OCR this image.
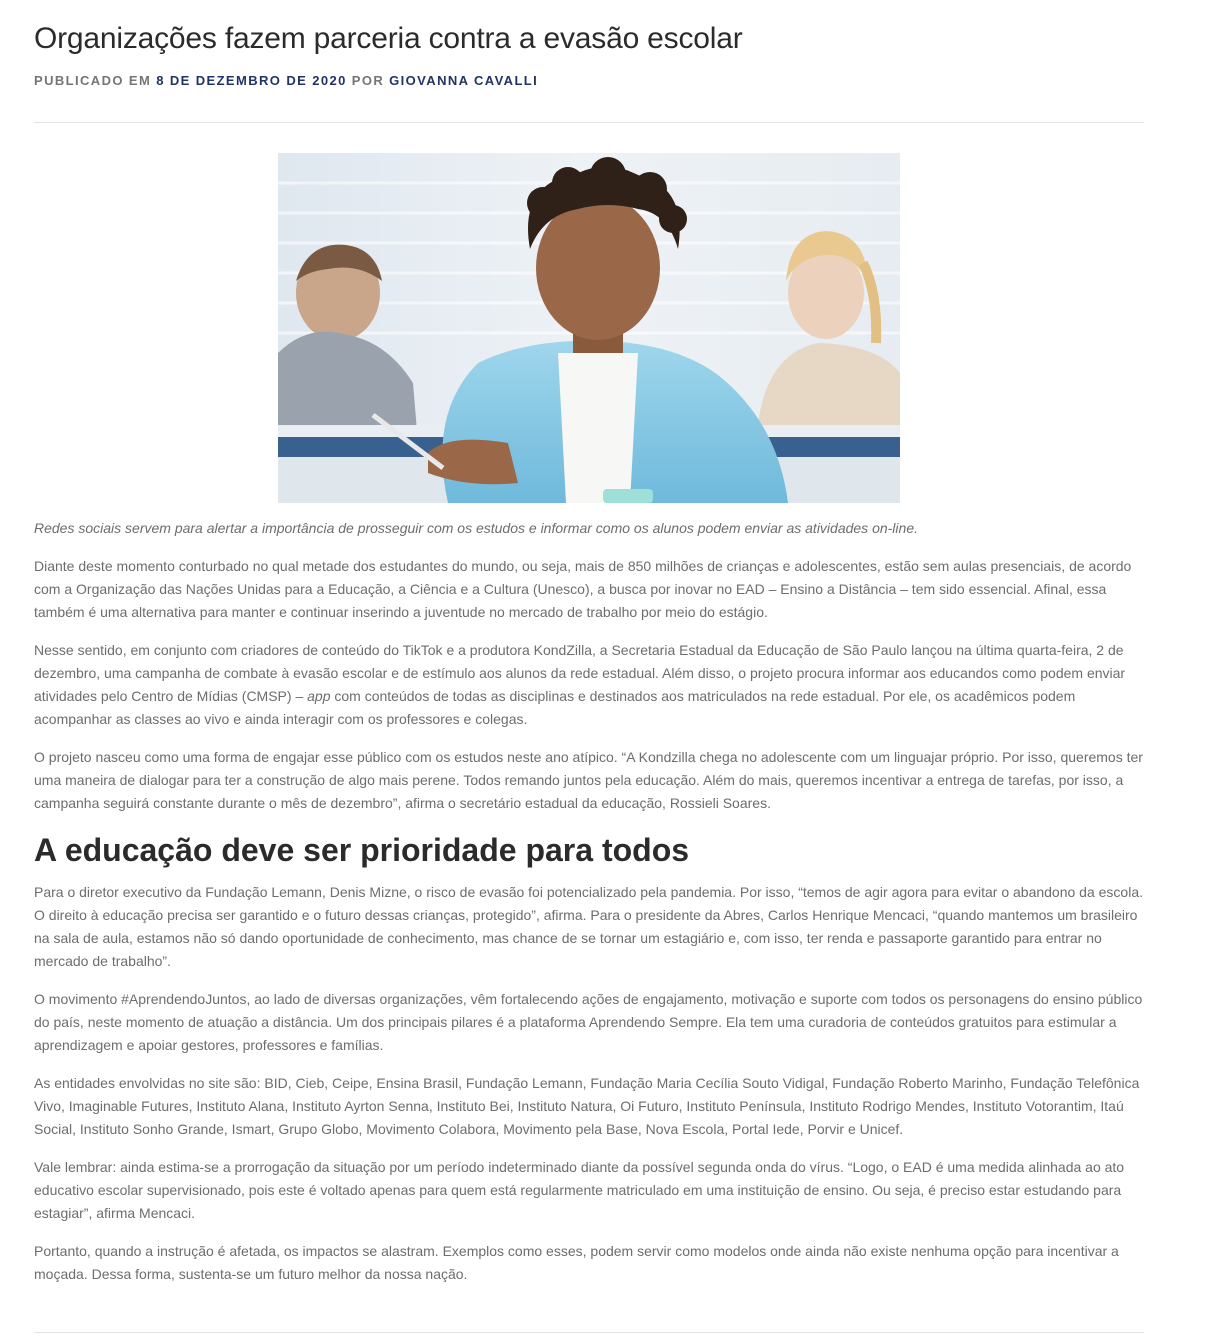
Organizações fazem parceria contra a evasão escolar
PUBLICADO EM 8 DE DEZEMBRO DE 2020 POR GIOVANNA CAVALLI
Redes sociais servem para alertar a importância de prosseguir com os estudos e informar como os alunos podem enviar as atividades on-line.

Diante deste momento conturbado no qual metade dos estudantes do mundo, ou seja, mais de 850 milhões de crianças e adolescentes, estão sem aulas presenciais, de acordo com a Organização das Nações Unidas para a Educação, a Ciência e a Cultura (Unesco), a busca por inovar no EAD – Ensino a Distância – tem sido essencial. Afinal, essa também é uma alternativa para manter e continuar inserindo a juventude no mercado de trabalho por meio do estágio.

Nesse sentido, em conjunto com criadores de conteúdo do TikTok e a produtora KondZilla, a Secretaria Estadual da Educação de São Paulo lançou na última quarta-feira, 2 de dezembro, uma campanha de combate à evasão escolar e de estímulo aos alunos da rede estadual. Além disso, o projeto procura informar aos educandos como podem enviar atividades pelo Centro de Mídias (CMSP) – app com conteúdos de todas as disciplinas e destinados aos matriculados na rede estadual. Por ele, os acadêmicos podem acompanhar as classes ao vivo e ainda interagir com os professores e colegas.

O projeto nasceu como uma forma de engajar esse público com os estudos neste ano atípico. “A Kondzilla chega no adolescente com um linguajar próprio. Por isso, queremos ter uma maneira de dialogar para ter a construção de algo mais perene. Todos remando juntos pela educação. Além do mais, queremos incentivar a entrega de tarefas, por isso, a campanha seguirá constante durante o mês de dezembro”, afirma o secretário estadual da educação, Rossieli Soares.

A educação deve ser prioridade para todos

Para o diretor executivo da Fundação Lemann, Denis Mizne, o risco de evasão foi potencializado pela pandemia. Por isso, “temos de agir agora para evitar o abandono da escola. O direito à educação precisa ser garantido e o futuro dessas crianças, protegido”, afirma. Para o presidente da Abres, Carlos Henrique Mencaci, “quando mantemos um brasileiro na sala de aula, estamos não só dando oportunidade de conhecimento, mas chance de se tornar um estagiário e, com isso, ter renda e passaporte garantido para entrar no mercado de trabalho”.

O movimento #AprendendoJuntos, ao lado de diversas organizações, vêm fortalecendo ações de engajamento, motivação e suporte com todos os personagens do ensino público do país, neste momento de atuação a distância. Um dos principais pilares é a plataforma Aprendendo Sempre. Ela tem uma curadoria de conteúdos gratuitos para estimular a aprendizagem e apoiar gestores, professores e famílias.

As entidades envolvidas no site são: BID, Cieb, Ceipe, Ensina Brasil, Fundação Lemann, Fundação Maria Cecília Souto Vidigal, Fundação Roberto Marinho, Fundação Telefônica Vivo, Imaginable Futures, Instituto Alana, Instituto Ayrton Senna, Instituto Bei, Instituto Natura, Oi Futuro, Instituto Península, Instituto Rodrigo Mendes, Instituto Votorantim, Itaú Social, Instituto Sonho Grande, Ismart, Grupo Globo, Movimento Colabora, Movimento pela Base, Nova Escola, Portal Iede, Porvir e Unicef.

Vale lembrar: ainda estima-se a prorrogação da situação por um período indeterminado diante da possível segunda onda do vírus. “Logo, o EAD é uma medida alinhada ao ato educativo escolar supervisionado, pois este é voltado apenas para quem está regularmente matriculado em uma instituição de ensino. Ou seja, é preciso estar estudando para estagiar”, afirma Mencaci.

Portanto, quando a instrução é afetada, os impactos se alastram. Exemplos como esses, podem servir como modelos onde ainda não existe nenhuma opção para incentivar a moçada. Dessa forma, sustenta-se um futuro melhor da nossa nação.
